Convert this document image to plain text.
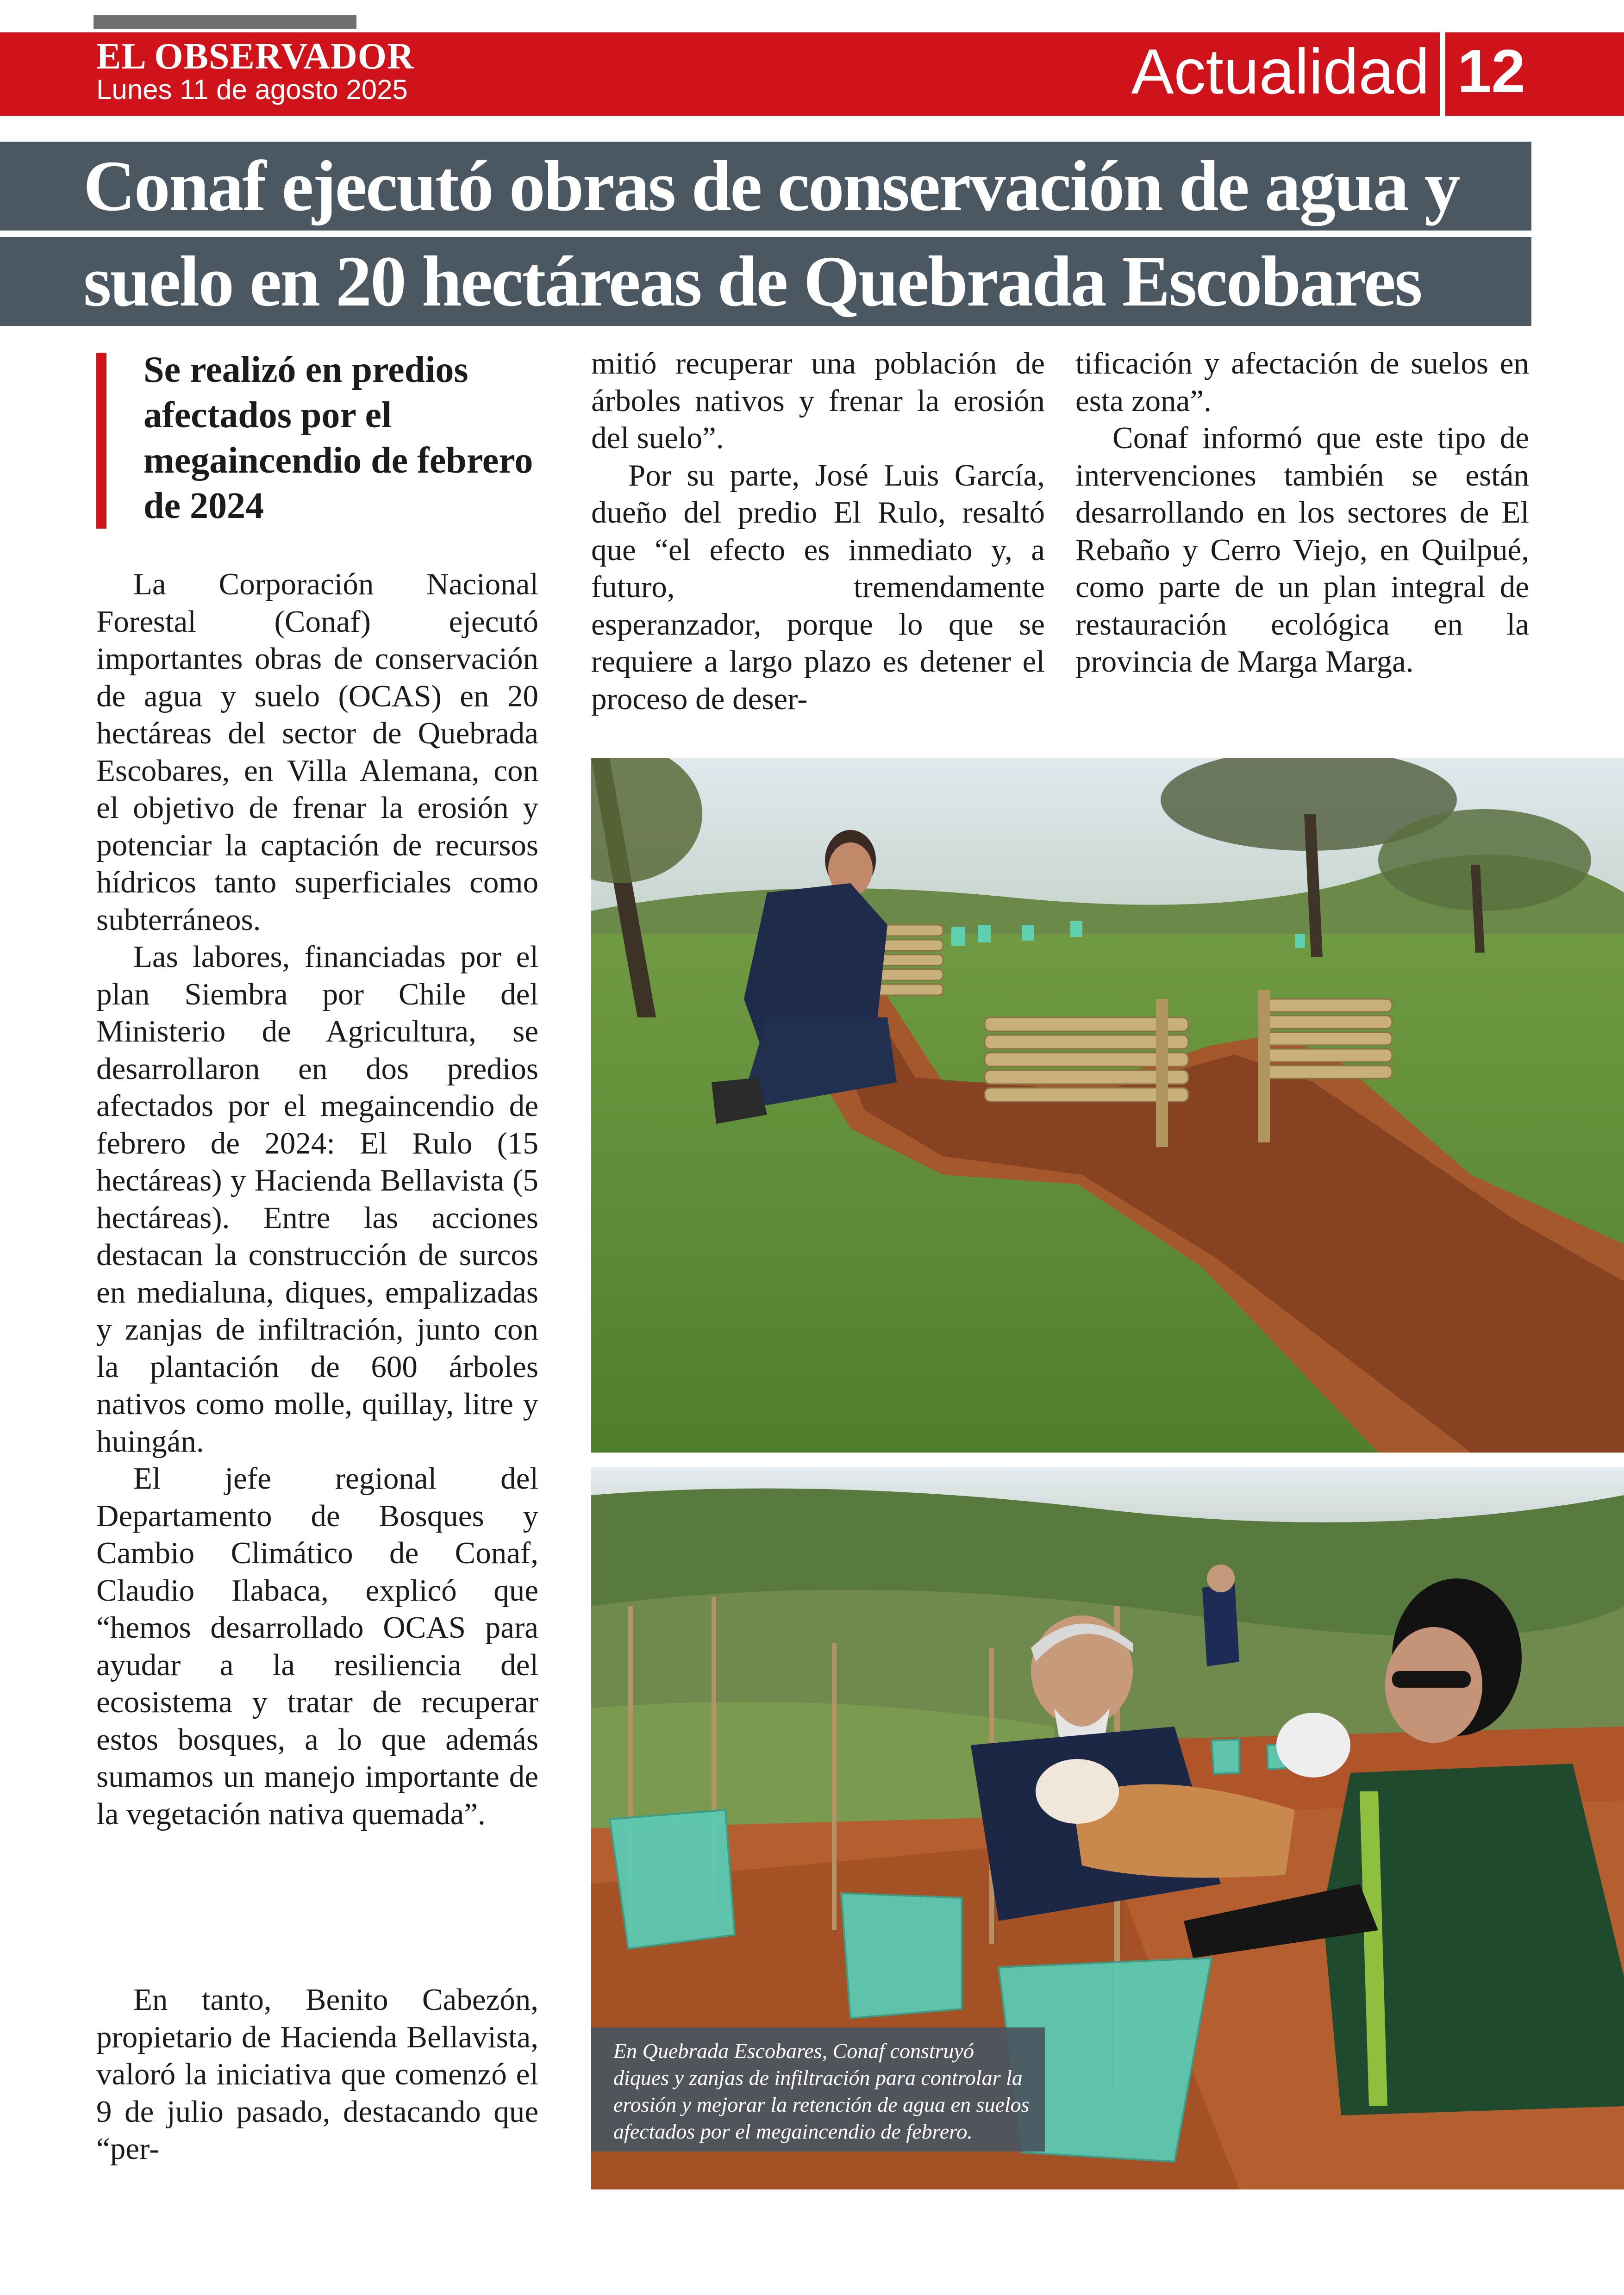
EL OBSERVADOR
Lunes 11 de agosto 2025	Actualidad 12
Conaf ejecutó obras de conservación de agua y
suelo en 20 hectáreas de Quebrada Escobares
Se realizó en predios afectados por el megaincendio de febrero de 2024

La Corporación Nacional Forestal (Conaf) ejecutó importantes obras de conservación de agua y suelo (OCAS) en 20 hectáreas del sector de Quebrada Escobares, en Villa Alemana, con el objetivo de frenar la erosión y potenciar la captación de recursos hídricos tanto superficiales como subterráneos.

Las labores, financiadas por el plan Siembra por Chile del Ministerio de Agricultura, se desarrollaron en dos predios afectados por el megaincendio de febrero de 2024: El Rulo (15 hectáreas) y Hacienda Bellavista (5 hectáreas). Entre las acciones destacan la construcción de surcos en medialuna, diques, empalizadas y zanjas de infiltración, junto con la plantación de 600 árboles nativos como molle, quillay, litre y huingán.

El jefe regional del Departamento de Bosques y Cambio Climático de Conaf, Claudio Ilabaca, explicó que “hemos desarrollado OCAS para ayudar a la resiliencia del ecosistema y tratar de recuperar estos bosques, a lo que además sumamos un manejo importante de la vegetación nativa quemada”.

En tanto, Benito Cabezón, propietario de Hacienda Bellavista, valoró la iniciativa que comenzó el 9 de julio pasado, destacando que “per-

mitió recuperar una población de árboles nativos y frenar la erosión del suelo”.

Por su parte, José Luis García, dueño del predio El Rulo, resaltó que “el efecto es inmediato y, a futuro, tremendamente esperanzador, porque lo que se requiere a largo plazo es detener el proceso de deser-

tificación y afectación de suelos en esta zona”.

Conaf informó que este tipo de intervenciones también se están desarrollando en los sectores de El Rebaño y Cerro Viejo, en Quilpué, como parte de un plan integral de restauración ecológica en la provincia de Marga Marga.

En Quebrada Escobares, Conaf construyó diques y zanjas de infiltración para controlar la erosión y mejorar la retención de agua en suelos afectados por el megaincendio de febrero.
